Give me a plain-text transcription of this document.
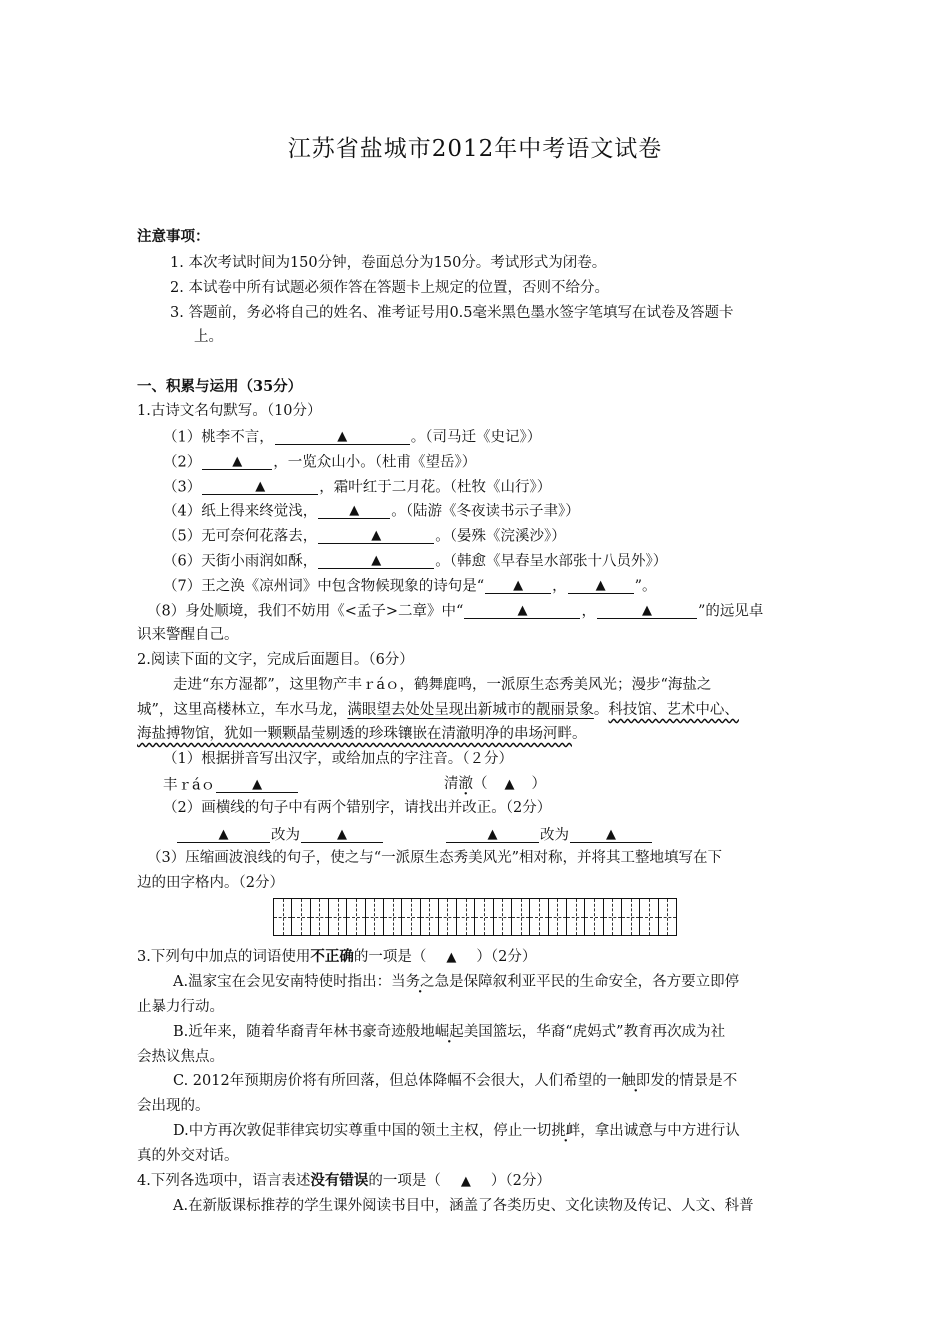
江苏省盐城市2012年中考语文试卷
注意事项：
1. 本次考试时间为150分钟，卷面总分为150分。考试形式为闭卷。
2. 本试卷中所有试题必须作答在答题卡上规定的位置，否则不给分。
3. 答题前，务必将自己的姓名、准考证号用0.5毫米黑色墨水签字笔填写在试卷及答题卡
上。
一、积累与运用（35分）
1.古诗文名句默写。（10分）
（1）桃李不言，	▲	。（司马迁《史记》）
（2） ▲ ，一览众山小。（杜甫《望岳》）
（3）	▲	，霜叶红于二月花。（杜牧《山行》）
（4）纸上得来终觉浅， ▲ 。（陆游《冬夜读书示子聿》）
（5）无可奈何花落去，	▲	。（晏殊《浣溪沙》）
（6）天街小雨润如酥，	▲	。（韩愈《早春呈水部张十八员外》）
（7）王之涣《凉州词》中包含物候现象的诗句是“ ▲ ， ▲ ”。
（8）身处顺境，我们不妨用《<孟子>二章》中“	▲	，	▲	”的远见卓
识来警醒自己。
2.阅读下面的文字，完成后面题目。（6分）
走进“东方湿都”，这里物产丰ｒáｏ，鹤舞鹿鸣，一派原生态秀美风光；漫步“海盐之
城”，这里高楼林立，车水马龙，满眼望去处处呈现出新城市的靓丽景象。科技馆、艺术中心、
海盐搏物馆，犹如一颗颗晶莹剔透的珍珠镶嵌在清澈明净的串场河畔。
（1）根据拼音写出汉字，或给加点的字注音。（２分）
丰ｒáｏ	▲	清澈（ ▲ ）
（2）画横线的句子中有两个错别字，请找出并改正。（2分）
▲	改为	▲	▲	改为	▲
（3）压缩画波浪线的句子，使之与“一派原生态秀美风光”相对称，并将其工整地填写在下
边的田字格内。（2分）
3.下列句中加点的词语使用不正确的一项是（ ▲ ）（2分）
A.温家宝在会见安南特使时指出：当务之急是保障叙利亚平民的生命安全，各方要立即停
止暴力行动。
B.近年来，随着华裔青年林书豪奇迹般地崛起美国篮坛，华裔“虎妈式”教育再次成为社
会热议焦点。
C. 2012年预期房价将有所回落，但总体降幅不会很大，人们希望的一触即发的情景是不
会出现的。
D.中方再次敦促菲律宾切实尊重中国的领土主权，停止一切挑衅，拿出诚意与中方进行认
真的外交对话。
4.下列各选项中，语言表述没有错误的一项是（ ▲ ）（2分）
A.在新版课标推荐的学生课外阅读书目中，涵盖了各类历史、文化读物及传记、人文、科普
